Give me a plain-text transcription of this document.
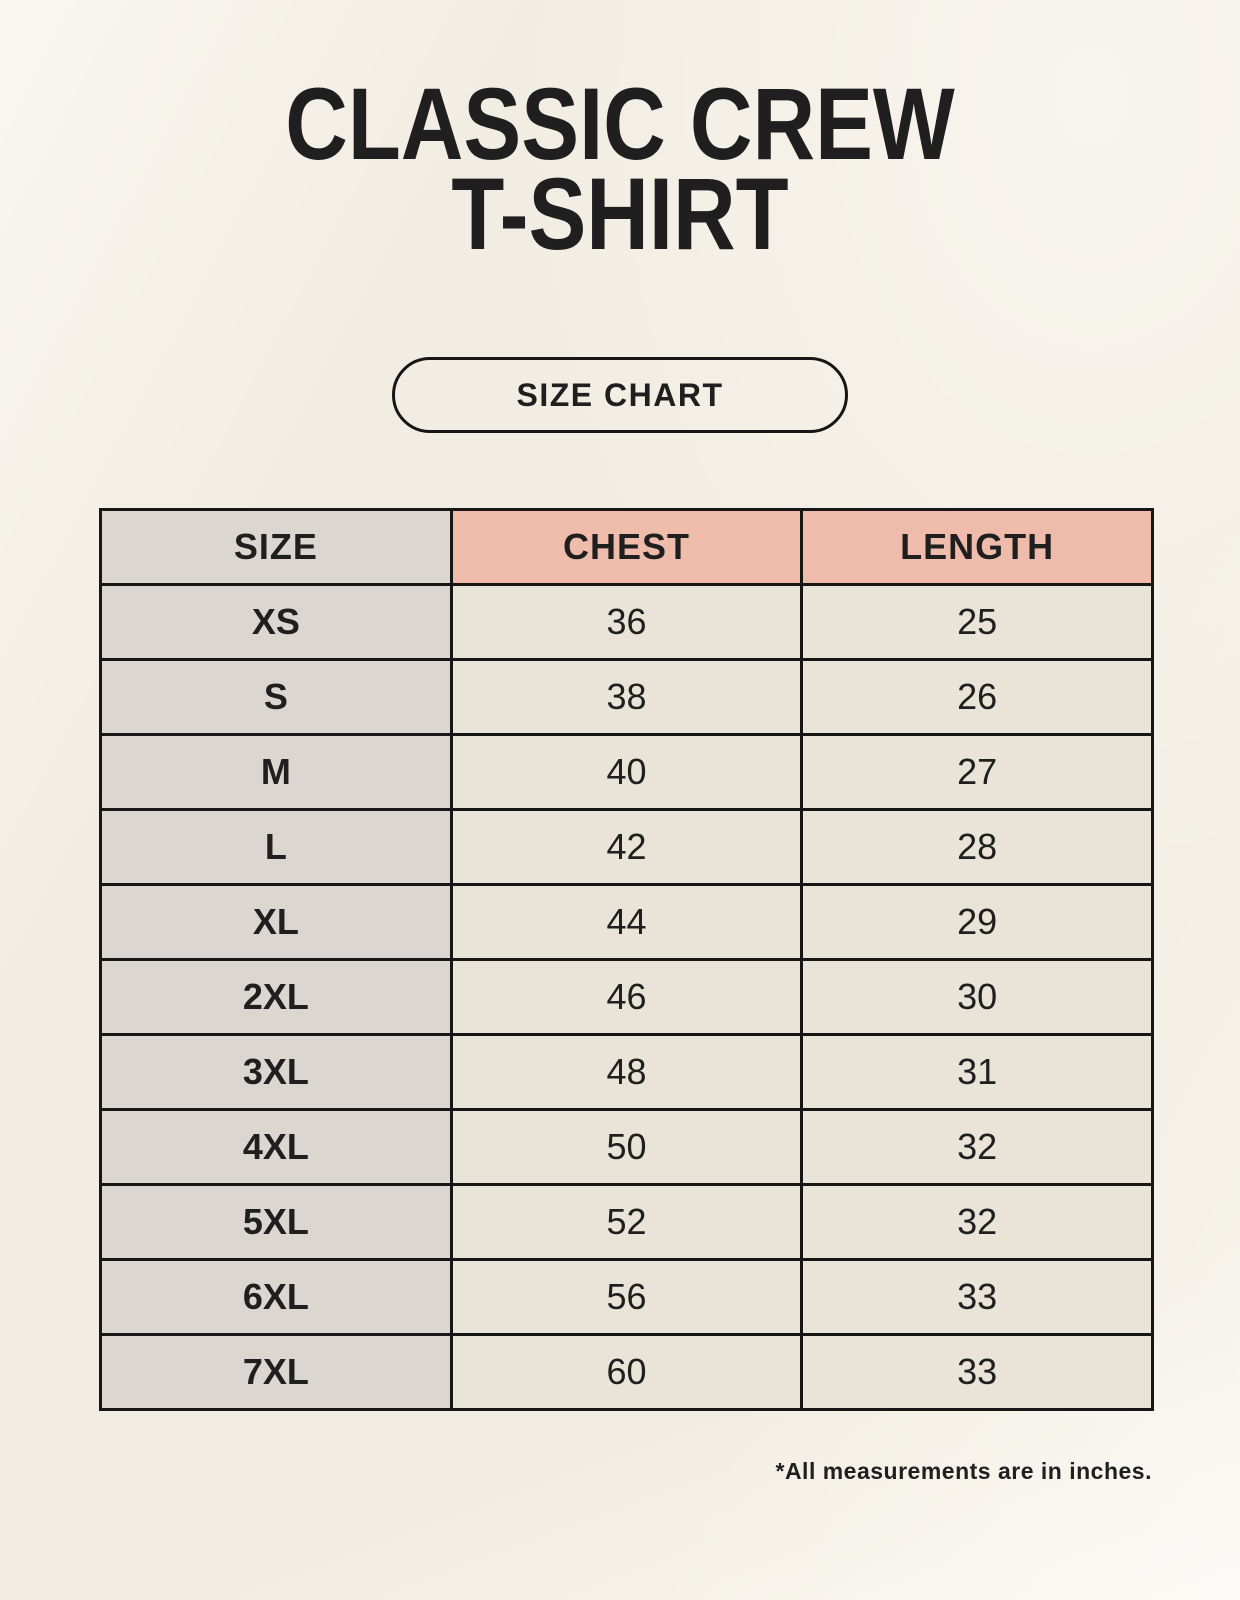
CLASSIC CREW
T-SHIRT
SIZE CHART
SIZE	CHEST	LENGTH
XS	36	25
S	38	26
M	40	27
L	42	28
XL	44	29
2XL	46	30
3XL	48	31
4XL	50	32
5XL	52	32
6XL	56	33
7XL	60	33

*All measurements are in inches.
